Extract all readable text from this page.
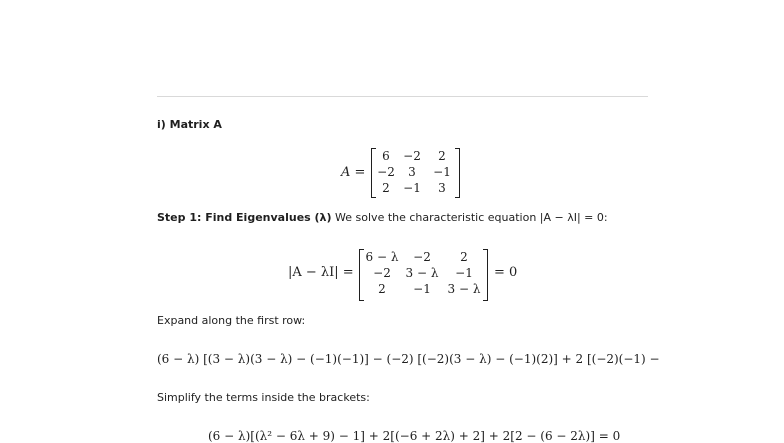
i) Matrix A
A =
6	−2	2
−2	3	−1
2	−1	3
Step 1: Find Eigenvalues (λ) We solve the characteristic equation |A − λI| = 0:
|A − λI| =
6 − λ	−2	2
−2	3 − λ	−1
2	−1	3 − λ
= 0
Expand along the first row:
(6 − λ) [(3 − λ)(3 − λ) − (−1)(−1)] − (−2) [(−2)(3 − λ) − (−1)(2)] + 2 [(−2)(−1) −
Simplify the terms inside the brackets:
(6 − λ)[(λ² − 6λ + 9) − 1] + 2[(−6 + 2λ) + 2] + 2[2 − (6 − 2λ)] = 0
